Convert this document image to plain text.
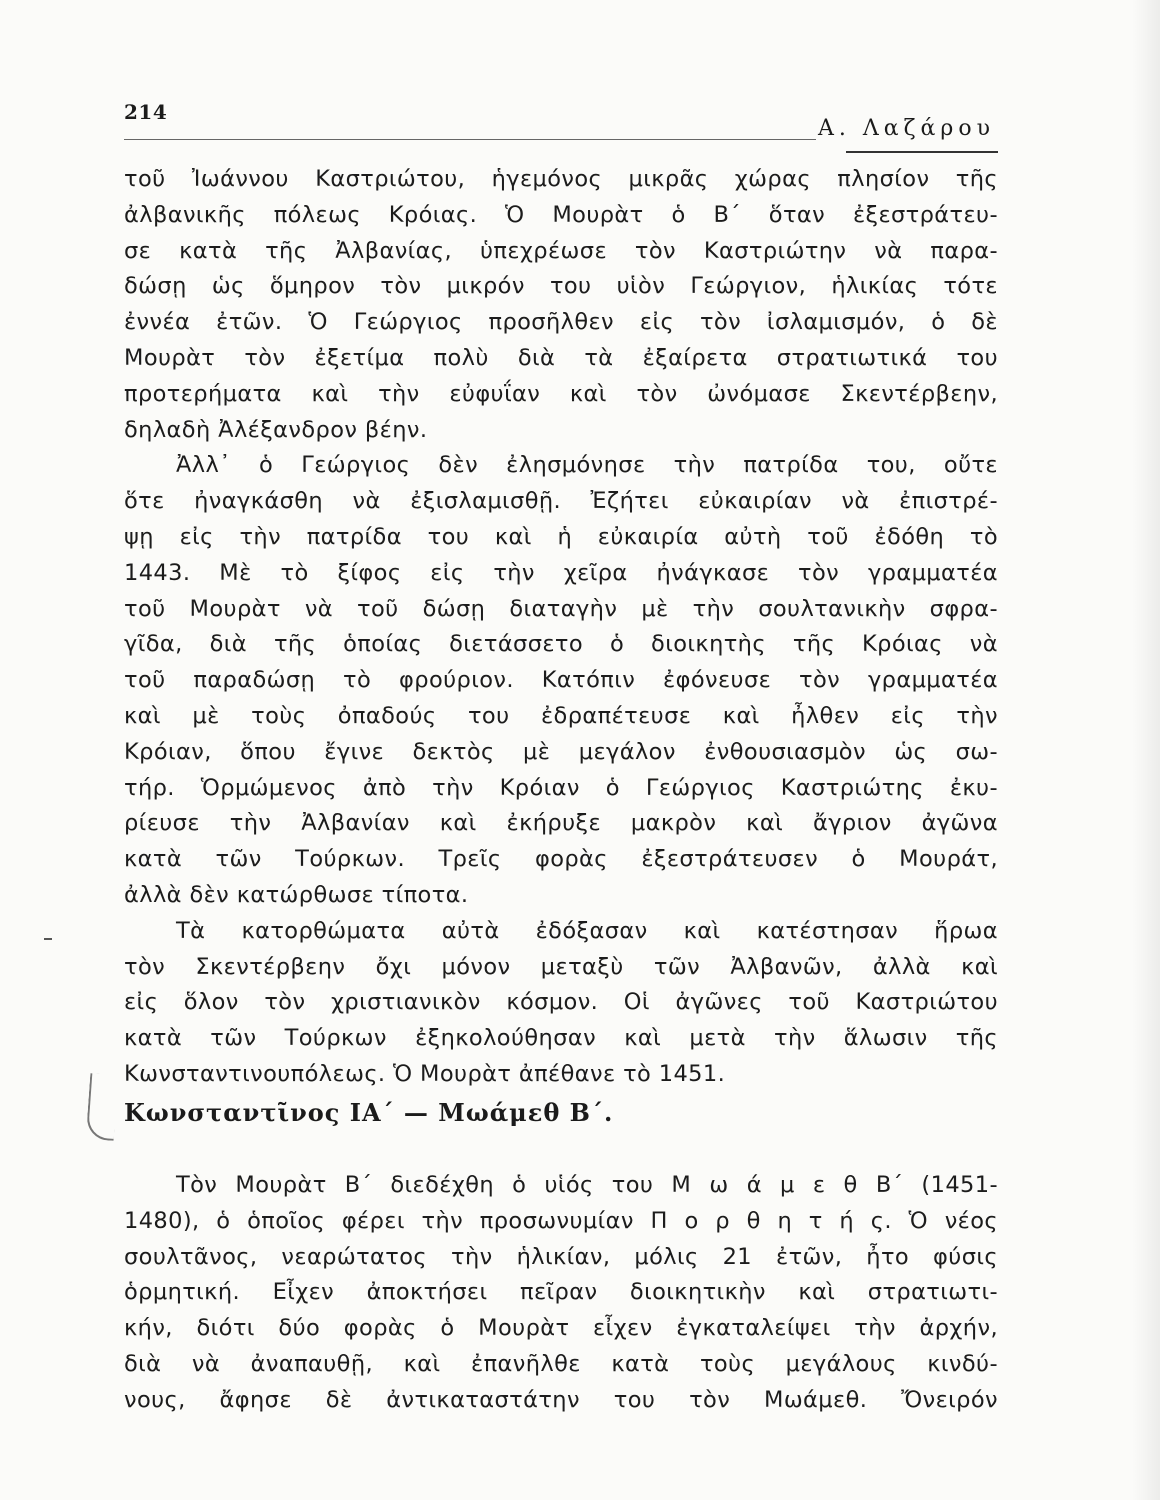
214
Α. Λαζάρου
τοῦ Ἰωάννου Καστριώτου, ἡγεμόνος μικρᾶς χώρας πλησίον τῆς
ἀλβανικῆς πόλεως Κρόιας. Ὁ Μουρὰτ ὁ Β΄ ὅταν ἐξεστράτευ-
σε κατὰ τῆς Ἀλβανίας, ὑπεχρέωσε τὸν Καστριώτην νὰ παρα-
δώσῃ ὡς ὅμηρον τὸν μικρόν του υἱὸν Γεώργιον, ἡλικίας τότε
ἐννέα ἐτῶν. Ὁ Γεώργιος προσῆλθεν εἰς τὸν ἰσλαμισμόν, ὁ δὲ
Μουρὰτ τὸν ἐξετίμα πολὺ διὰ τὰ ἐξαίρετα στρατιωτικά του
προτερήματα καὶ τὴν εὐφυΐαν καὶ τὸν ὠνόμασε Σκεντέρβεην,
δηλαδὴ Ἀλέξανδρον βέην.
Ἀλλ᾽ ὁ Γεώργιος δὲν ἐλησμόνησε τὴν πατρίδα του, οὔτε
ὅτε ἠναγκάσθη νὰ ἐξισλαμισθῇ. Ἐζήτει εὐκαιρίαν νὰ ἐπιστρέ-
ψῃ εἰς τὴν πατρίδα του καὶ ἡ εὐκαιρία αὐτὴ τοῦ ἐδόθη τὸ
1443. Μὲ τὸ ξίφος εἰς τὴν χεῖρα ἠνάγκασε τὸν γραμματέα
τοῦ Μουρὰτ νὰ τοῦ δώσῃ διαταγὴν μὲ τὴν σουλτανικὴν σφρα-
γῖδα, διὰ τῆς ὁποίας διετάσσετο ὁ διοικητὴς τῆς Κρόιας νὰ
τοῦ παραδώσῃ τὸ φρούριον. Κατόπιν ἐφόνευσε τὸν γραμματέα
καὶ μὲ τοὺς ὀπαδούς του ἐδραπέτευσε καὶ ἦλθεν εἰς τὴν
Κρόιαν, ὅπου ἔγινε δεκτὸς μὲ μεγάλον ἐνθουσιασμὸν ὡς σω-
τήρ. Ὁρμώμενος ἀπὸ τὴν Κρόιαν ὁ Γεώργιος Καστριώτης ἐκυ-
ρίευσε τὴν Ἀλβανίαν καὶ ἐκήρυξε μακρὸν καὶ ἄγριον ἀγῶνα
κατὰ τῶν Τούρκων. Τρεῖς φορὰς ἐξεστράτευσεν ὁ Μουράτ,
ἀλλὰ δὲν κατώρθωσε τίποτα.
Τὰ κατορθώματα αὐτὰ ἐδόξασαν καὶ κατέστησαν ἥρωα
τὸν Σκεντέρβεην ὄχι μόνον μεταξὺ τῶν Ἀλβανῶν, ἀλλὰ καὶ
εἰς ὅλον τὸν χριστιανικὸν κόσμον. Οἱ ἀγῶνες τοῦ Καστριώτου
κατὰ τῶν Τούρκων ἐξηκολούθησαν καὶ μετὰ τὴν ἅλωσιν τῆς
Κωνσταντινουπόλεως. Ὁ Μουρὰτ ἀπέθανε τὸ 1451.
Κωνσταντῖνος ΙΑ΄ — Μωάμεθ Β΄.
Τὸν Μουρὰτ Β΄ διεδέχθη ὁ υἱός του Μ ω ά μ ε θ Β΄ (1451-
1480), ὁ ὁποῖος φέρει τὴν προσωνυμίαν Π ο ρ θ η τ ή ς. Ὁ νέος
σουλτᾶνος, νεαρώτατος τὴν ἡλικίαν, μόλις 21 ἐτῶν, ἦτο φύσις
ὁρμητική. Εἶχεν ἀποκτήσει πεῖραν διοικητικὴν καὶ στρατιωτι-
κήν, διότι δύο φορὰς ὁ Μουρὰτ εἶχεν ἐγκαταλείψει τὴν ἀρχήν,
διὰ νὰ ἀναπαυθῇ, καὶ ἐπανῆλθε κατὰ τοὺς μεγάλους κινδύ-
νους, ἄφησε δὲ ἀντικαταστάτην του τὸν Μωάμεθ. Ὄνειρόν
